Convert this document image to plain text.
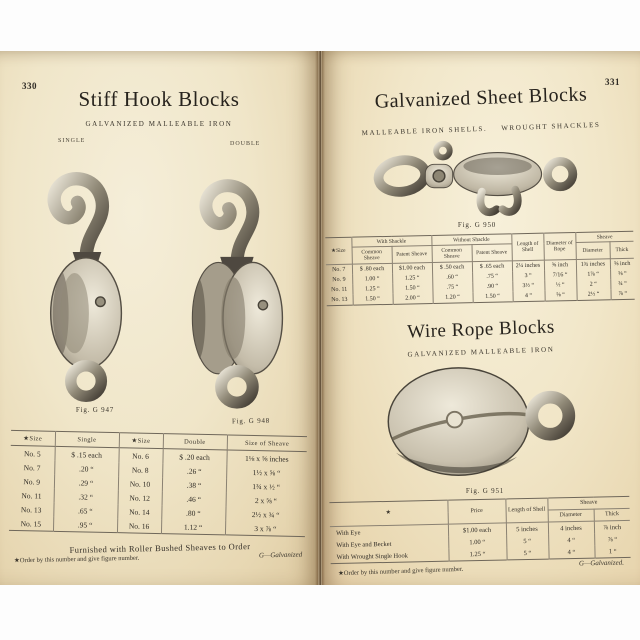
330
Stiff Hook Blocks
GALVANIZED MALLEABLE IRON
SINGLE	DOUBLE
Fig. G 947
Fig. G 948
★Size	Single	★Size	Double	Size of Sheave
No. 5	$ .15 each	No. 6	$ .20 each	1⅛ x ⅝ inches
No. 7	.20 “	No. 8	.26 “	1½ x ⅝ “
No. 9	.29 “	No. 10	.38 “	1¾ x ½ “
No. 11	.32 “	No. 12	.46 “	2 x ⅝ “
No. 13	.65 “	No. 14	.80 “	2½ x ¾ “
No. 15	.95 “	No. 16	1.12 “	3 x ⅞ “
Furnished with Roller Bushed Sheaves to Order
★Order by this number and give figure number.	G—Galvanized
331
Galvanized Sheet Blocks
MALLEABLE IRON SHELLS. WROUGHT SHACKLES
Fig. G 950
★Size	With Shackle		Without Shackle		Length of Shell	Diameter of Rope	Sheave	
	Common Sheave	Patent Sheave	Common Sheave	Patent Sheave			Diameter	Thick
No. 7	$ .80 each	$1.00 each	$ .50 each	$ .65 each	2¼ inches	⅜ inch	1¾ inches	⅝ inch
No. 9	1.00 “	1.25 “	.60 “	.75 “	3 “	7/16 “	1⅞ “	⅝ “
No. 11	1.25 “	1.50 “	.75 “	.90 “	3½ “	½ “	2 “	¾ “
No. 13	1.50 “	2.00 “	1.20 “	1.50 “	4 “	⅝ “	2½ “	⅞ “
Wire Rope Blocks
GALVANIZED MALLEABLE IRON
Fig. G 951
★	Price	Length of Shell	Sheave	
			Diameter	Thick
With Eye	$1.00 each	5 inches	4 inches	⅞ inch
With Eye and Becket	1.00 “	5 “	4 “	⅞ “
With Wrought Single Hook	1.25 “	5 “	4 “	1 “
G—Galvanized.
★Order by this number and give figure number.
